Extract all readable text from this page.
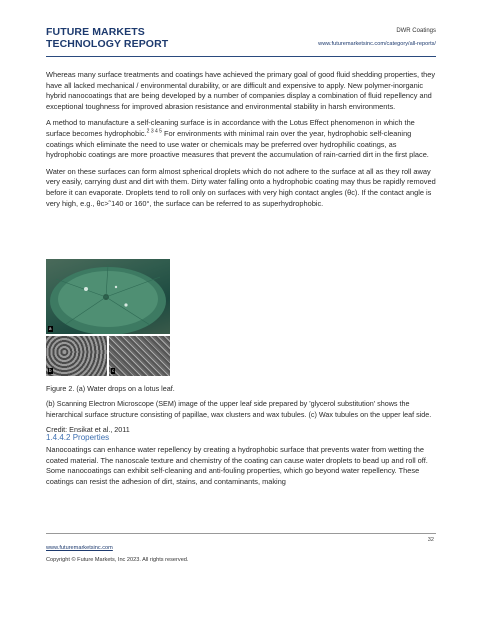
FUTURE MARKETS
TECHNOLOGY REPORT
DWR Coatings
www.futuremarketsinc.com/category/all-reports/

Whereas many surface treatments and coatings have achieved the primary goal of good fluid shedding properties, they have all lacked mechanical / environmental durability, or are difficult and expensive to apply. New polymer-inorganic hybrid nanocoatings that are being developed by a number of companies display a combination of fluid repellency and exceptional toughness for improved abrasion resistance and environmental stability in harsh environments.

A method to manufacture a self-cleaning surface is in accordance with the Lotus Effect phenomenon in which the surface becomes hydrophobic.$^{2 3 4 5}$ For environments with minimal rain over the year, hydrophobic self-cleaning coatings which eliminate the need to use water or chemicals may be preferred over hydrophilic coatings, as hydrophobic coatings are more proactive measures that prevent the accumulation of rain-carried dirt in the first place.

Water on these surfaces can form almost spherical droplets which do not adhere to the surface at all as they roll away very easily, carrying dust and dirt with them. Dirty water falling onto a hydrophobic coating may thus be rapidly removed before it can evaporate. Droplets tend to roll only on surfaces with very high contact angles (θc). If the contact angle is very high, e.g., θc>˜140 or 160°, the surface can be referred to as superhydrophobic.

a
b	c

Figure 2. (a) Water drops on a lotus leaf.

(b) Scanning Electron Microscope (SEM) image of the upper leaf side prepared by 'glycerol substitution' shows the hierarchical surface structure consisting of papillae, wax clusters and wax tubules. (c) Wax tubules on the upper leaf side.

Credit: Ensikat et al., 2011

1.4.4.2 Properties

Nanocoatings can enhance water repellency by creating a hydrophobic surface that prevents water from wetting the coated material. The nanoscale texture and chemistry of the coating can cause water droplets to bead up and roll off. Some nanocoatings can exhibit self-cleaning and anti-fouling properties, which go beyond water repellency. These coatings can resist the adhesion of dirt, stains, and contaminants, making

32
www.futuremarketsinc.com
Copyright © Future Markets, Inc 2023. All rights reserved.
